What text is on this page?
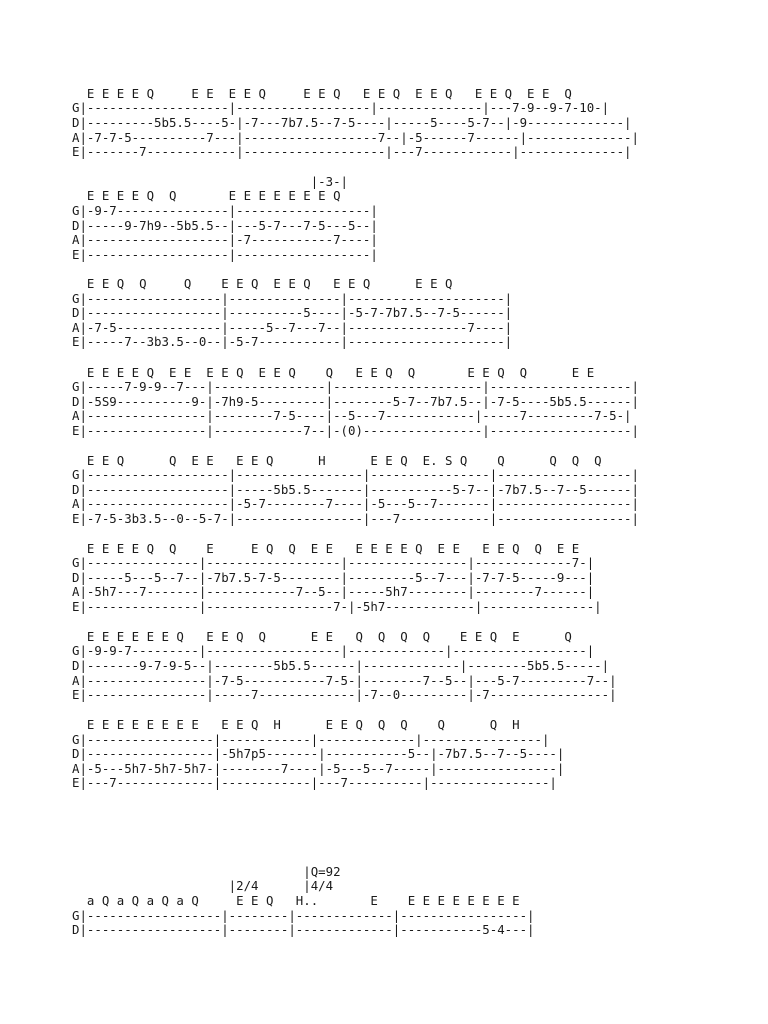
E E E E Q     E E  E E Q     E E Q   E E Q  E E Q   E E Q  E E  Q
G|-------------------|------------------|--------------|---7-9--9-7-10-|
D|---------5b5.5----5-|-7---7b7.5--7-5----|-----5----5-7--|-9-------------|
A|-7-7-5----------7---|------------------7--|-5------7------|--------------|
E|-------7------------|-------------------|---7------------|--------------|
|-3-|
E E E E Q  Q       E E E E E E E Q
G|-9-7---------------|------------------|
D|-----9-7h9--5b5.5--|---5-7---7-5---5--|
A|-------------------|-7-----------7----|
E|-------------------|------------------|
E E Q  Q     Q    E E Q  E E Q   E E Q      E E Q
G|------------------|---------------|---------------------|
D|------------------|----------5----|-5-7-7b7.5--7-5------|
A|-7-5--------------|-----5--7---7--|----------------7----|
E|-----7--3b3.5--0--|-5-7-----------|---------------------|
E E E E Q  E E  E E Q  E E Q    Q   E E Q  Q       E E Q  Q      E E
G|-----7-9-9--7---|---------------|--------------------|-------------------|
D|-5S9----------9-|-7h9-5---------|--------5-7--7b7.5--|-7-5----5b5.5------|
A|----------------|--------7-5----|--5---7------------|-----7---------7-5-|
E|----------------|------------7--|-(0)----------------|-------------------|
E E Q      Q  E E   E E Q      H      E E Q  E. S Q    Q      Q  Q  Q
G|-------------------|-----------------|----------------|------------------|
D|-------------------|-----5b5.5-------|-----------5-7--|-7b7.5--7--5------|
A|-------------------|-5-7--------7----|-5---5--7-------|------------------|
E|-7-5-3b3.5--0--5-7-|-----------------|---7------------|------------------|
E E E E Q  Q    E     E Q  Q  E E   E E E E Q  E E   E E Q  Q  E E
G|---------------|------------------|----------------|-------------7-|
D|-----5---5--7--|-7b7.5-7-5--------|---------5--7---|-7-7-5-----9---|
A|-5h7---7-------|------------7--5--|-----5h7--------|--------7------|
E|---------------|-----------------7-|-5h7------------|---------------|
E E E E E E Q   E E Q  Q      E E   Q  Q  Q  Q    E E Q  E      Q
G|-9-9-7---------|------------------|-------------|------------------|
D|-------9-7-9-5--|--------5b5.5------|-------------|--------5b5.5-----|
A|----------------|-7-5-----------7-5-|--------7--5--|---5-7---------7--|
E|----------------|-----7-------------|-7--0---------|-7----------------|
E E E E E E E E   E E Q  H      E E Q  Q  Q    Q      Q  H
G|-----------------|------------|-------------|----------------|
D|-----------------|-5h7p5-------|-----------5--|-7b7.5--7--5----|
A|-5---5h7-5h7-5h7-|--------7----|-5---5--7-----|----------------|
E|---7-------------|------------|---7----------|----------------|
|Q=92
|2/4      |4/4
a Q a Q a Q a Q     E E Q   H..       E    E E E E E E E E
G|------------------|--------|-------------|-----------------|
D|------------------|--------|-------------|-----------5-4---|
